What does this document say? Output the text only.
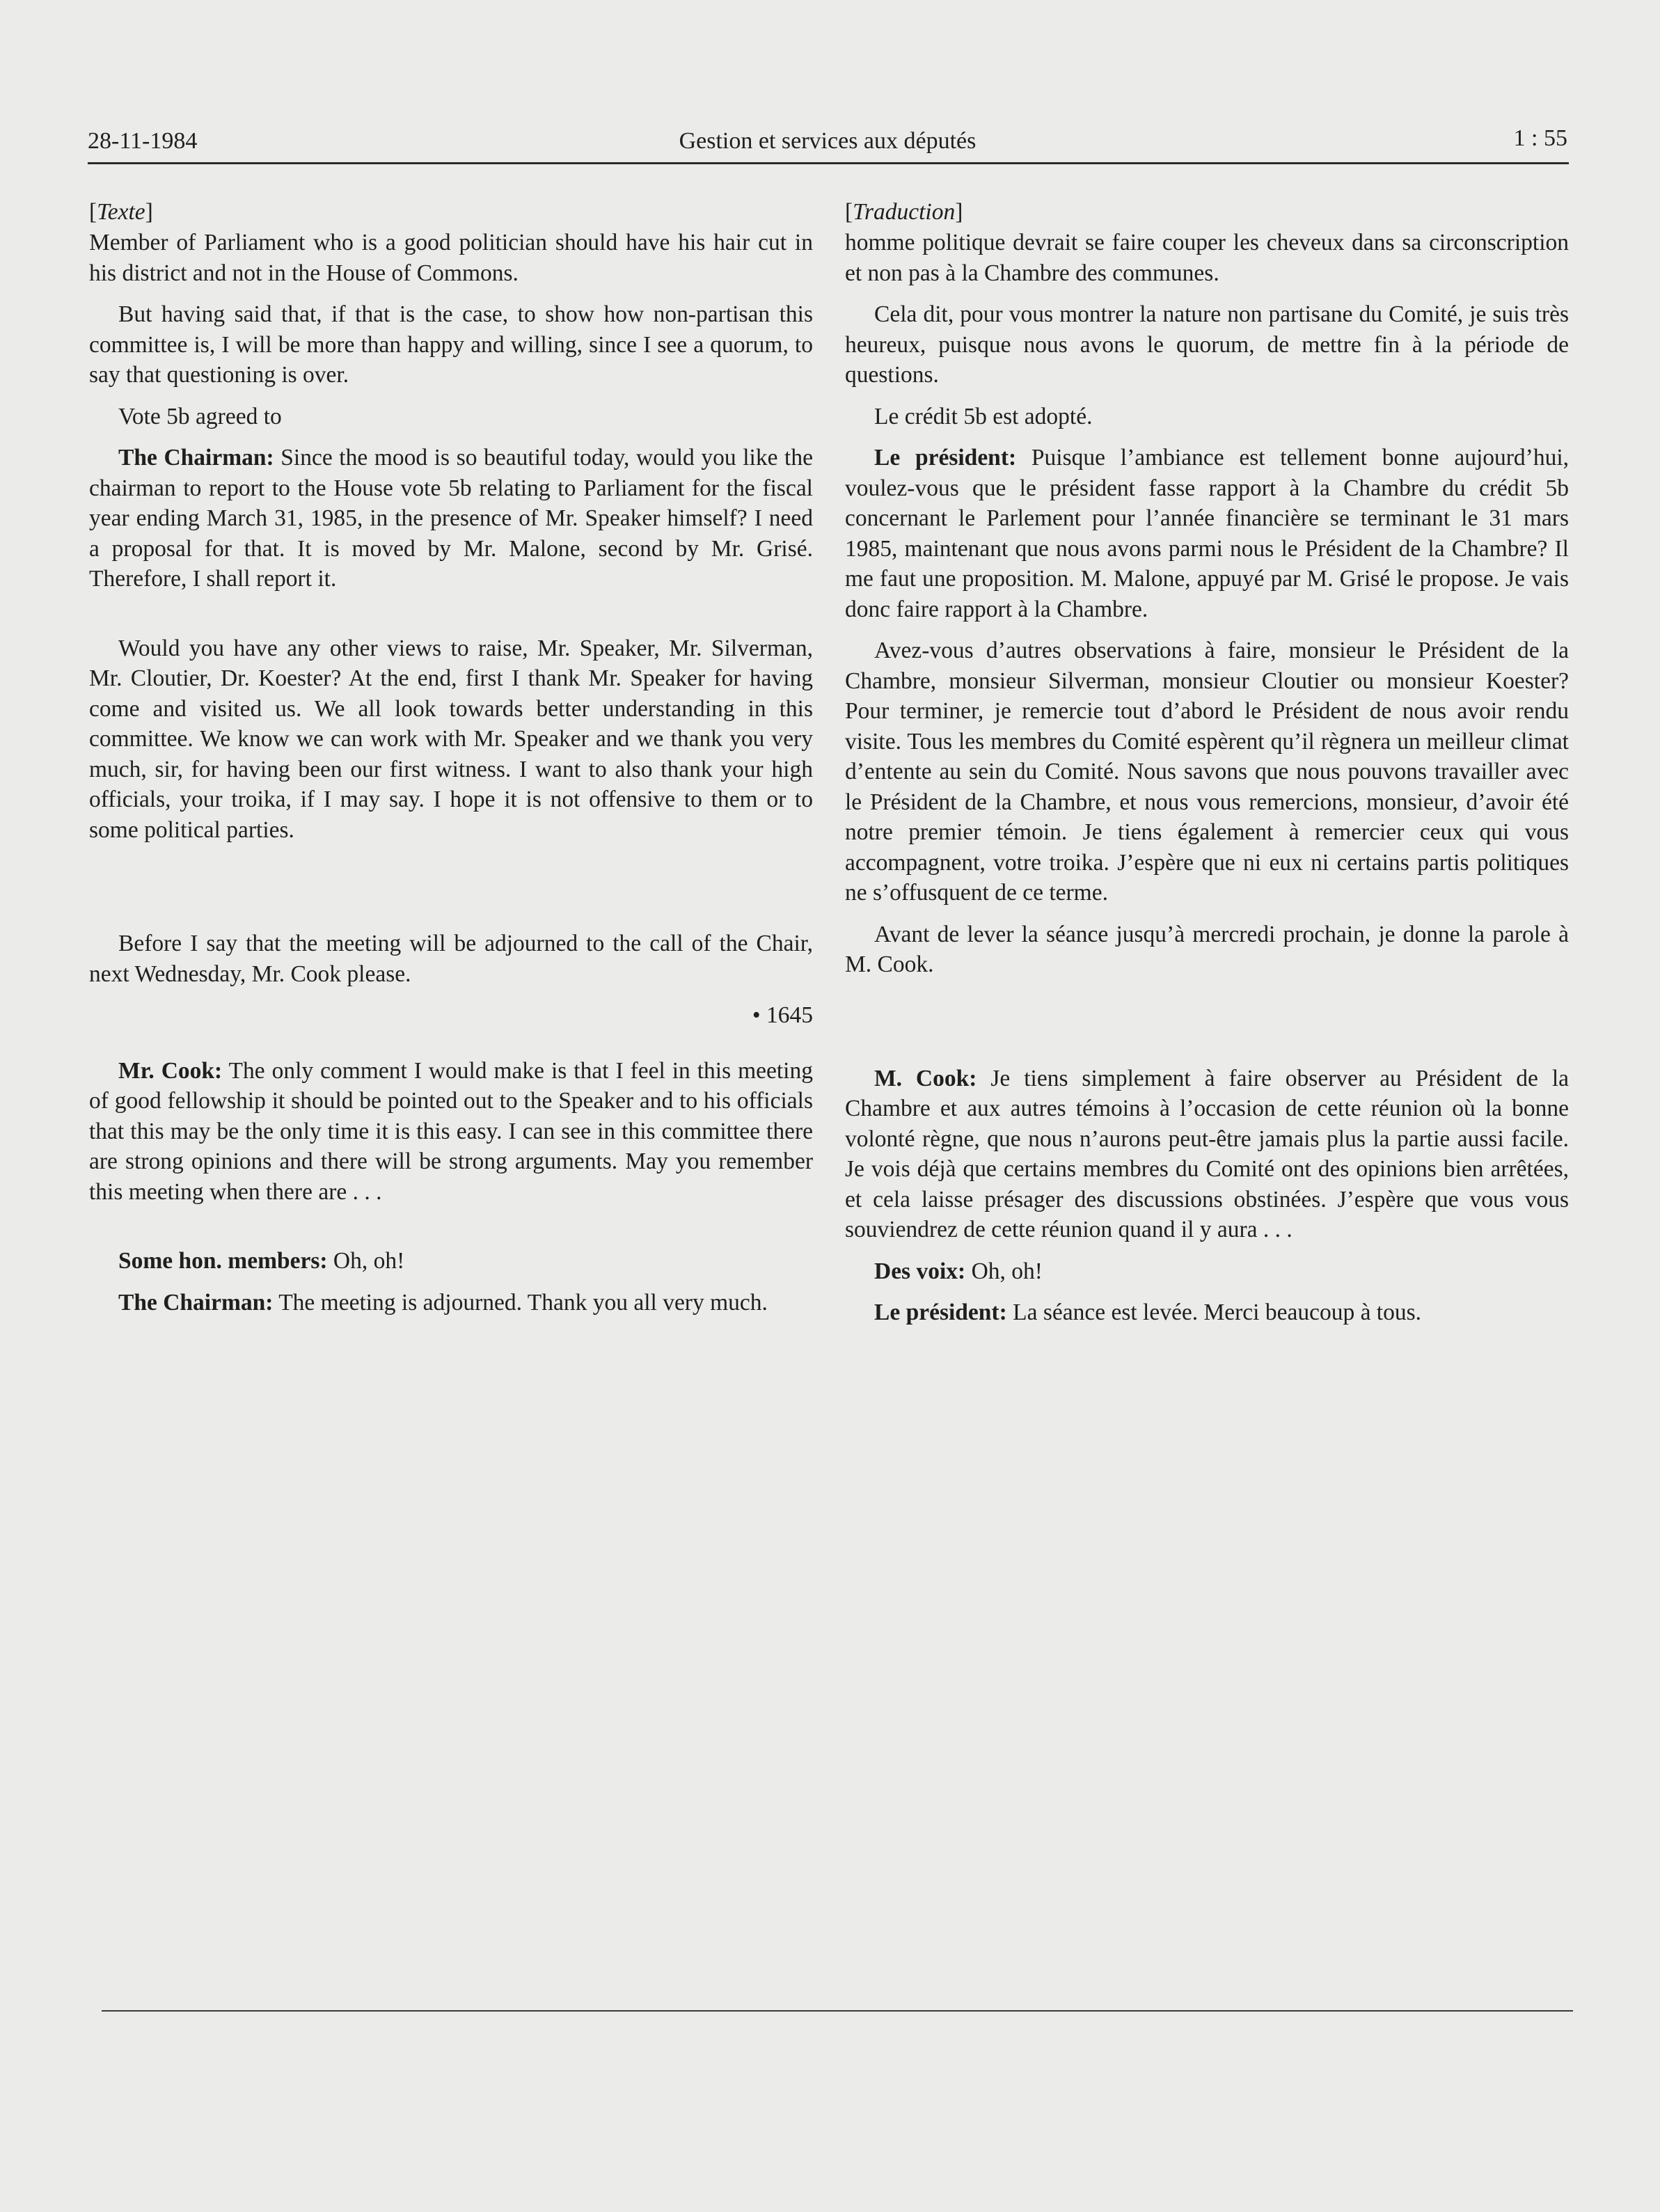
28-11-1984	Gestion et services aux députés	1 : 55

[Texte]

Member of Parliament who is a good politician should have his hair cut in his district and not in the House of Commons.

But having said that, if that is the case, to show how non-partisan this committee is, I will be more than happy and willing, since I see a quorum, to say that questioning is over.

Vote 5b agreed to

The Chairman: Since the mood is so beautiful today, would you like the chairman to report to the House vote 5b relating to Parliament for the fiscal year ending March 31, 1985, in the presence of Mr. Speaker himself? I need a proposal for that. It is moved by Mr. Malone, second by Mr. Grisé. Therefore, I shall report it.

Would you have any other views to raise, Mr. Speaker, Mr. Silverman, Mr. Cloutier, Dr. Koester? At the end, first I thank Mr. Speaker for having come and visited us. We all look towards better understanding in this committee. We know we can work with Mr. Speaker and we thank you very much, sir, for having been our first witness. I want to also thank your high officials, your troika, if I may say. I hope it is not offensive to them or to some political parties.

Before I say that the meeting will be adjourned to the call of the Chair, next Wednesday, Mr. Cook please.

• 1645

Mr. Cook: The only comment I would make is that I feel in this meeting of good fellowship it should be pointed out to the Speaker and to his officials that this may be the only time it is this easy. I can see in this committee there are strong opinions and there will be strong arguments. May you remember this meeting when there are . . .

Some hon. members: Oh, oh!

The Chairman: The meeting is adjourned. Thank you all very much.

[Traduction]

homme politique devrait se faire couper les cheveux dans sa circonscription et non pas à la Chambre des communes.

Cela dit, pour vous montrer la nature non partisane du Comité, je suis très heureux, puisque nous avons le quorum, de mettre fin à la période de questions.

Le crédit 5b est adopté.

Le président: Puisque l’ambiance est tellement bonne aujourd’hui, voulez-vous que le président fasse rapport à la Chambre du crédit 5b concernant le Parlement pour l’année financière se terminant le 31 mars 1985, maintenant que nous avons parmi nous le Président de la Chambre? Il me faut une proposition. M. Malone, appuyé par M. Grisé le propose. Je vais donc faire rapport à la Chambre.

Avez-vous d’autres observations à faire, monsieur le Président de la Chambre, monsieur Silverman, monsieur Cloutier ou monsieur Koester? Pour terminer, je remercie tout d’abord le Président de nous avoir rendu visite. Tous les membres du Comité espèrent qu’il règnera un meilleur climat d’entente au sein du Comité. Nous savons que nous pouvons travailler avec le Président de la Chambre, et nous vous remercions, monsieur, d’avoir été notre premier témoin. Je tiens également à remercier ceux qui vous accompagnent, votre troika. J’espère que ni eux ni certains partis politiques ne s’offusquent de ce terme.

Avant de lever la séance jusqu’à mercredi prochain, je donne la parole à M. Cook.

M. Cook: Je tiens simplement à faire observer au Président de la Chambre et aux autres témoins à l’occasion de cette réunion où la bonne volonté règne, que nous n’aurons peut-être jamais plus la partie aussi facile. Je vois déjà que certains membres du Comité ont des opinions bien arrêtées, et cela laisse présager des discussions obstinées. J’espère que vous vous souviendrez de cette réunion quand il y aura . . .

Des voix: Oh, oh!

Le président: La séance est levée. Merci beaucoup à tous.
